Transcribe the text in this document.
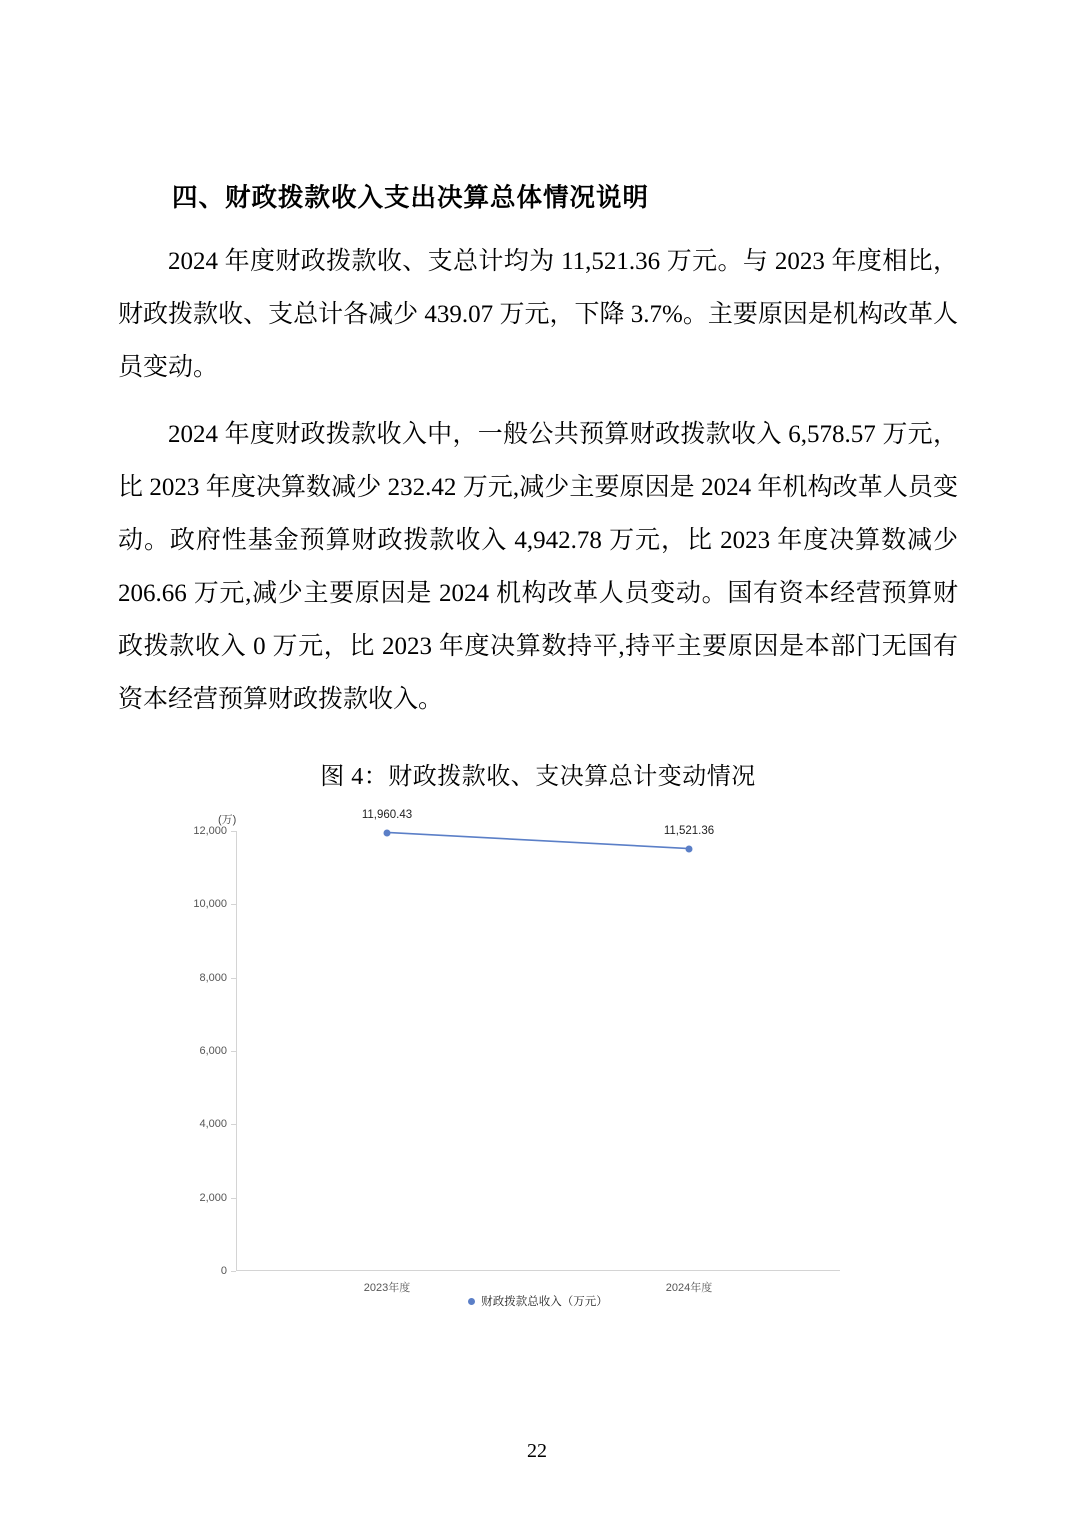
四、财政拨款收入支出决算总体情况说明

2024 年度财政拨款收、支总计均为 11,521.36 万元。与 2023 年度相比，财政拨款收、支总计各减少 439.07 万元，下降 3.7%。主要原因是机构改革人员变动。

2024 年度财政拨款收入中，一般公共预算财政拨款收入 6,578.57 万元，比 2023 年度决算数减少 232.42 万元,减少主要原因是 2024 年机构改革人员变动。政府性基金预算财政拨款收入 4,942.78 万元，比 2023 年度决算数减少 206.66 万元,减少主要原因是 2024 机构改革人员变动。国有资本经营预算财政拨款收入 0 万元，比 2023 年度决算数持平,持平主要原因是本部门无国有资本经营预算财政拨款收入。

图 4：财政拨款收、支决算总计变动情况
(万)
0
2,000
4,000
6,000
8,000
10,000
12,000
2023年度	2024年度
11,960.43
11,521.36
财政拨款总收入（万元）
22
